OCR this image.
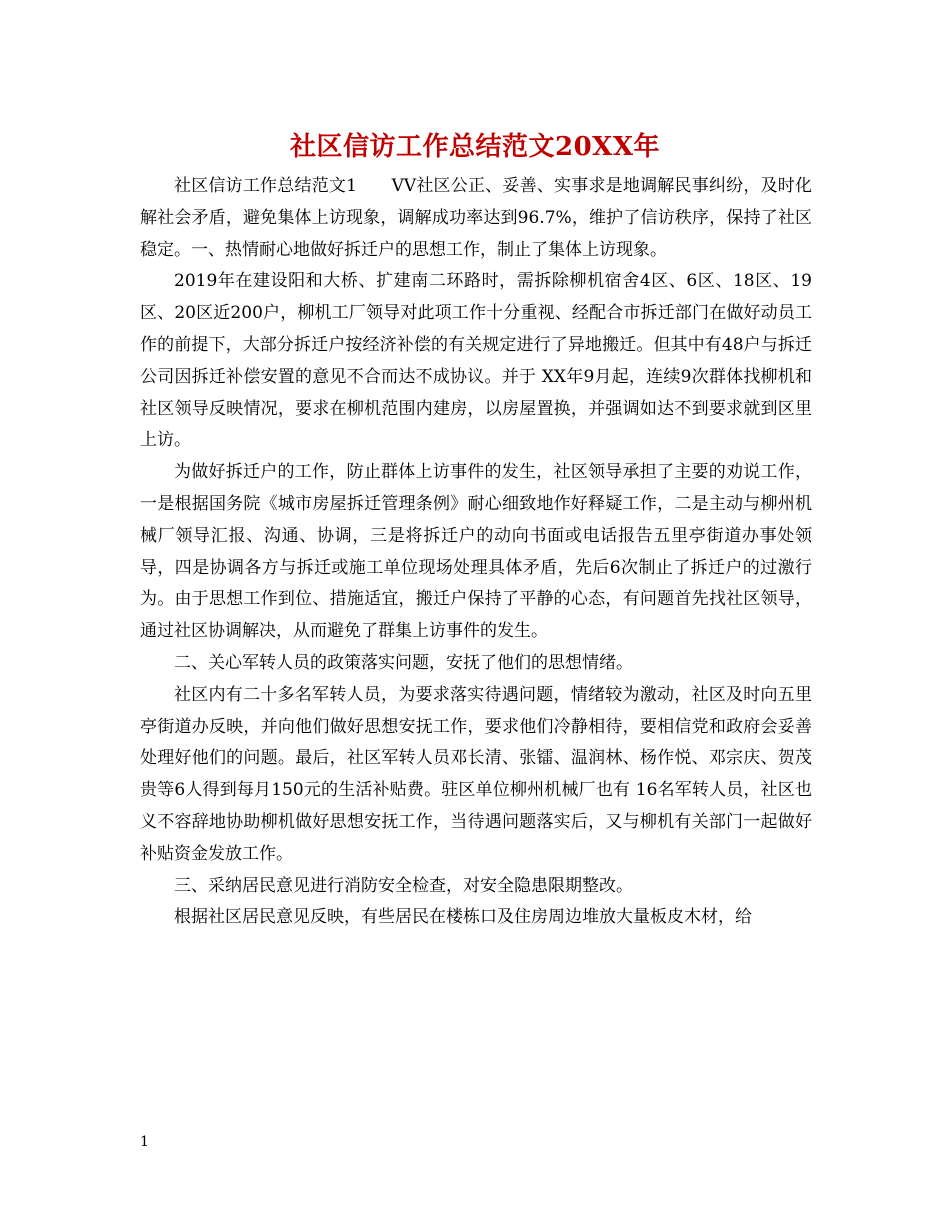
社区信访工作总结范文20XX年

社区信访工作总结范文1　　VV社区公正、妥善、实事求是地调解民事纠纷，及时化解社会矛盾，避免集体上访现象，调解成功率达到96.7%，维护了信访秩序，保持了社区稳定。一、热情耐心地做好拆迁户的思想工作，制止了集体上访现象。

2019年在建设阳和大桥、扩建南二环路时，需拆除柳机宿舍4区、6区、18区、19区、20区近200户，柳机工厂领导对此项工作十分重视、经配合市拆迁部门在做好动员工作的前提下，大部分拆迁户按经济补偿的有关规定进行了异地搬迁。但其中有48户与拆迁公司因拆迁补偿安置的意见不合而达不成协议。并于 XX年9月起，连续9次群体找柳机和社区领导反映情况，要求在柳机范围内建房，以房屋置换，并强调如达不到要求就到区里上访。

为做好拆迁户的工作，防止群体上访事件的发生，社区领导承担了主要的劝说工作，一是根据国务院《城市房屋拆迁管理条例》耐心细致地作好释疑工作，二是主动与柳州机械厂领导汇报、沟通、协调，三是将拆迁户的动向书面或电话报告五里亭街道办事处领导，四是协调各方与拆迁或施工单位现场处理具体矛盾，先后6次制止了拆迁户的过激行为。由于思想工作到位、措施适宜，搬迁户保持了平静的心态，有问题首先找社区领导，通过社区协调解决，从而避免了群集上访事件的发生。

二、关心军转人员的政策落实问题，安抚了他们的思想情绪。

社区内有二十多名军转人员，为要求落实待遇问题，情绪较为激动，社区及时向五里亭街道办反映，并向他们做好思想安抚工作，要求他们冷静相待，要相信党和政府会妥善处理好他们的问题。最后，社区军转人员邓长清、张镭、温润林、杨作悦、邓宗庆、贺茂贵等6人得到每月150元的生活补贴费。驻区单位柳州机械厂也有 16名军转人员，社区也义不容辞地协助柳机做好思想安抚工作，当待遇问题落实后，又与柳机有关部门一起做好补贴资金发放工作。

三、采纳居民意见进行消防安全检查，对安全隐患限期整改。

根据社区居民意见反映，有些居民在楼栋口及住房周边堆放大量板皮木材，给

1
